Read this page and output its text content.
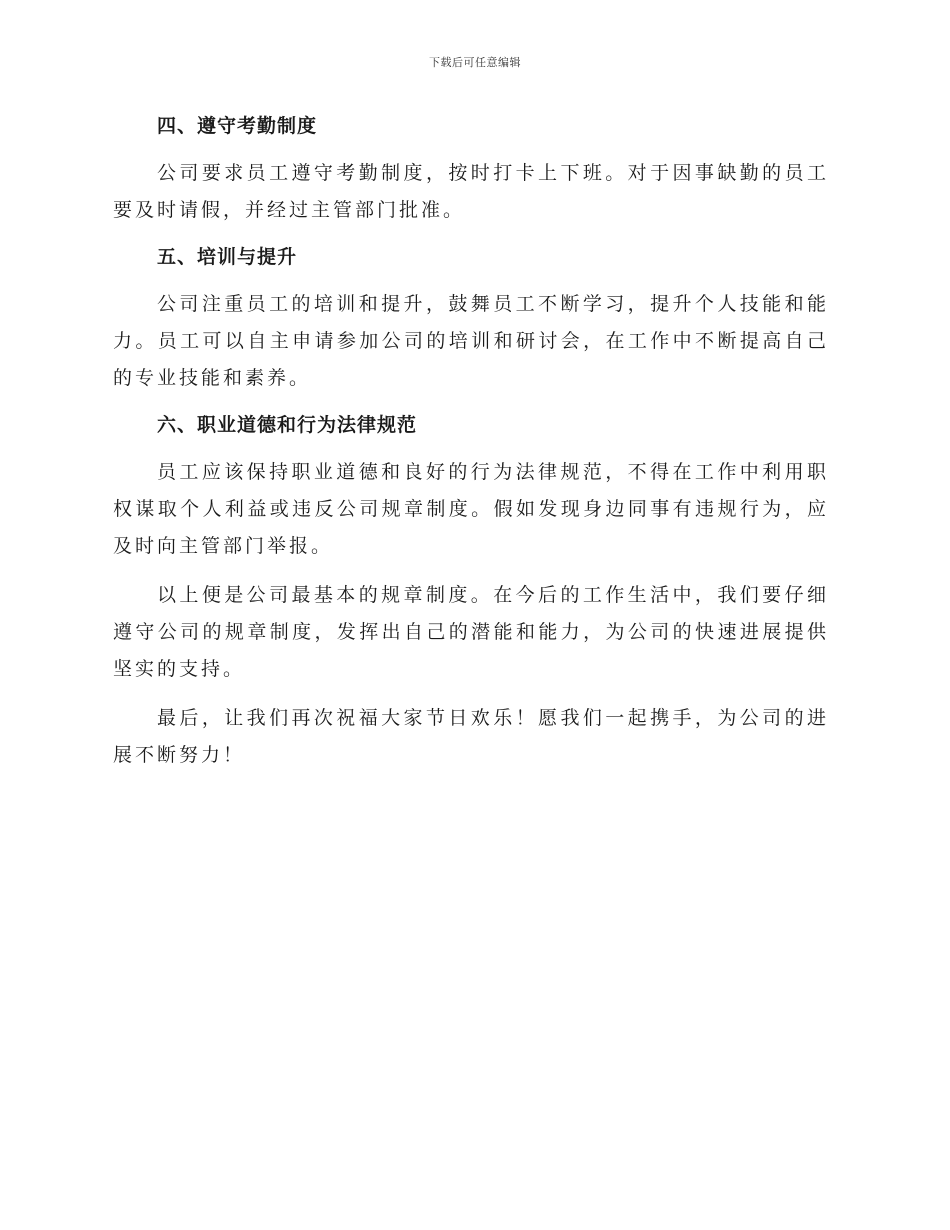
下载后可任意编辑
四、遵守考勤制度

公司要求员工遵守考勤制度，按时打卡上下班。对于因事缺勤的员工要及时请假，并经过主管部门批准。

五、培训与提升

公司注重员工的培训和提升，鼓舞员工不断学习，提升个人技能和能力。员工可以自主申请参加公司的培训和研讨会，在工作中不断提高自己的专业技能和素养。

六、职业道德和行为法律规范

员工应该保持职业道德和良好的行为法律规范，不得在工作中利用职权谋取个人利益或违反公司规章制度。假如发现身边同事有违规行为，应及时向主管部门举报。

以上便是公司最基本的规章制度。在今后的工作生活中，我们要仔细遵守公司的规章制度，发挥出自己的潜能和能力，为公司的快速进展提供坚实的支持。

最后，让我们再次祝福大家节日欢乐！愿我们一起携手，为公司的进展不断努力！
